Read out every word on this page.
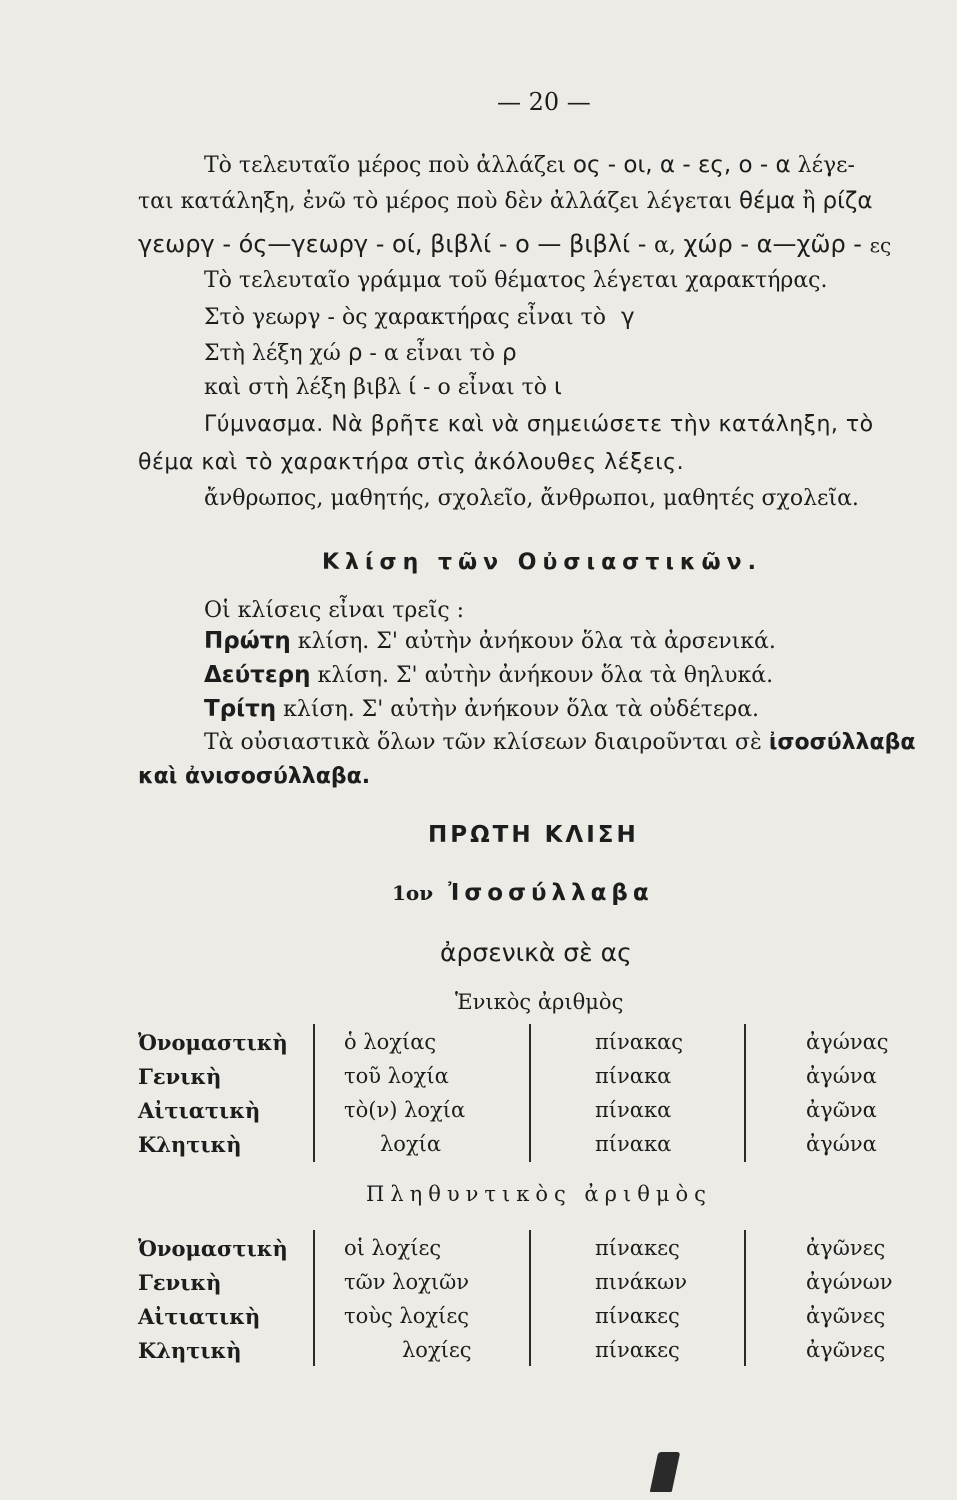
— 20 —
Τὸ τελευταῖο μέρος ποὺ ἀλλάζει ος - οι, α - ες, ο - α λέγε-
ται κατάληξη, ἐνῶ τὸ μέρος ποὺ δὲν ἀλλάζει λέγεται θέμα ἢ ρίζα
γεωργ - ός—γεωργ - οί, βιβλί - ο — βιβλί - α, χώρ - α—χῶρ - ες
Τὸ τελευταῖο γράμμα τοῦ θέματος λέγεται χαρακτήρας.
Στὸ γεωργ - ὸς χαρακτήρας εἶναι τὸ γ
Στὴ λέξη χώ ρ - α εἶναι τὸ ρ
καὶ στὴ λέξη βιβλ ί - ο εἶναι τὸ ι
Γύμνασμα. Νὰ βρῆτε καὶ νὰ σημειώσετε τὴν κατάληξη, τὸ
θέμα καὶ τὸ χαρακτήρα στὶς ἀκόλουθες λέξεις.
ἄνθρωπος, μαθητής, σχολεῖο, ἄνθρωποι, μαθητές σχολεῖα.
Κλίση τῶν Οὐσιαστικῶν.
Οἱ κλίσεις εἶναι τρεῖς :
Πρώτη κλίση. Σ' αὐτὴν ἀνήκουν ὅλα τὰ ἀρσενικά.
Δεύτερη κλίση. Σ' αὐτὴν ἀνήκουν ὅλα τὰ θηλυκά.
Τρίτη κλίση. Σ' αὐτὴν ἀνήκουν ὅλα τὰ οὐδέτερα.
Τὰ οὐσιαστικὰ ὅλων τῶν κλίσεων διαιροῦνται σὲ ἰσοσύλλαβα
καὶ ἀνισοσύλλαβα.
ΠΡΩΤΗ ΚΛΙΣΗ
1ον Ἰσοσύλλαβα
ἀρσενικὰ σὲ ας
Ἑνικὸς ἀριθμὸς
Ὀνομαστικὴ	ὁ λοχίας	πίνακας	ἀγώνας
Γενικὴ	τοῦ λοχία	πίνακα	ἀγώνα
Αἰτιατικὴ	τὸ(ν) λοχία	πίνακα	ἀγῶνα
Κλητικὴ	λοχία	πίνακα	ἀγώνα
Πληθυντικὸς ἀριθμὸς
Ὀνομαστικὴ	οἱ λοχίες	πίνακες	ἀγῶνες
Γενικὴ	τῶν λοχιῶν	πινάκων	ἀγώνων
Αἰτιατικὴ	τοὺς λοχίες	πίνακες	ἀγῶνες
Κλητικὴ	λοχίες	πίνακες	ἀγῶνες
